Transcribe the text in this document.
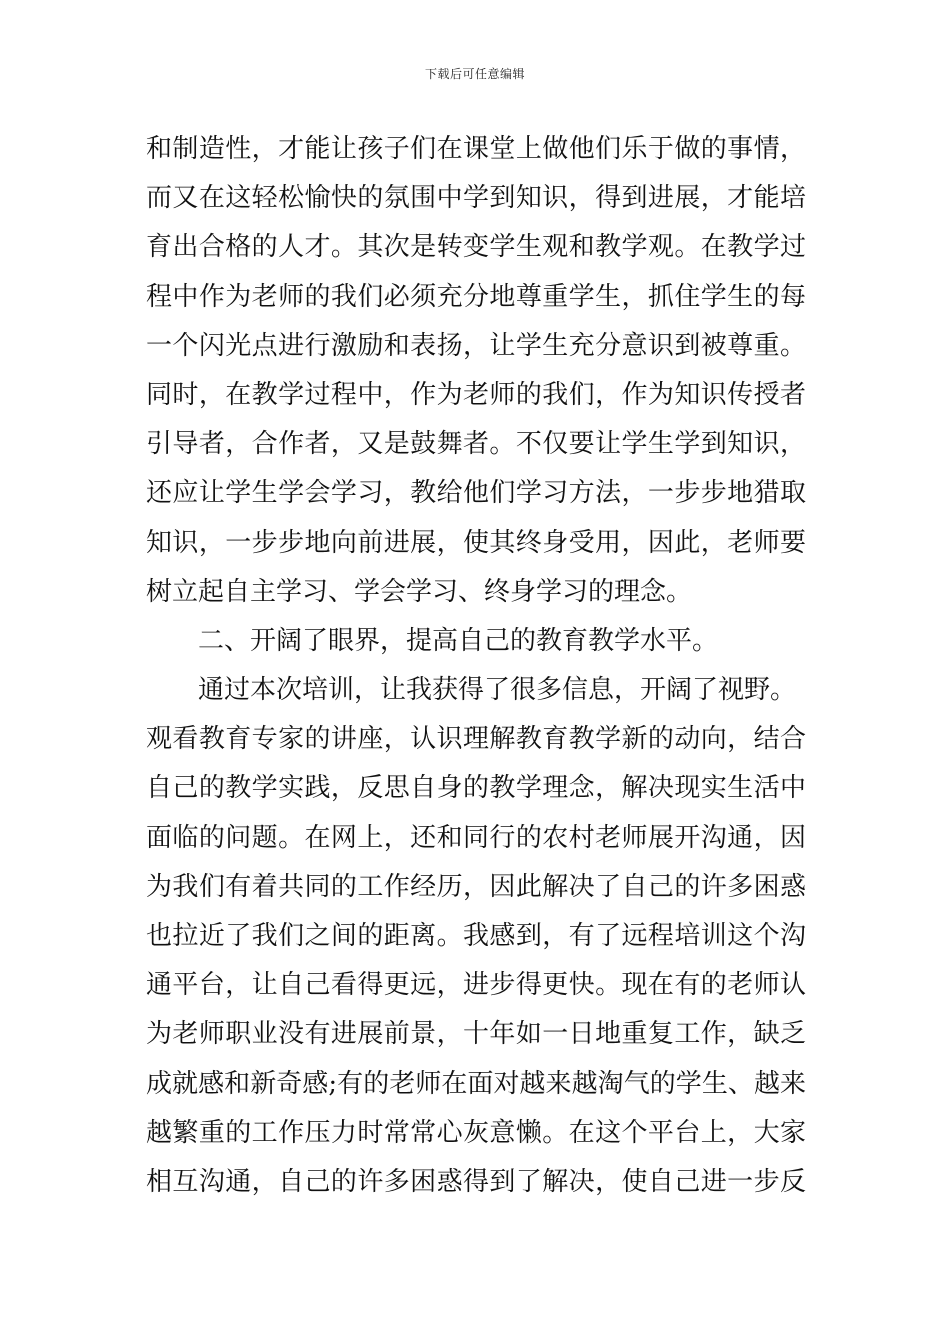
下载后可任意编辑
和制造性，才能让孩子们在课堂上做他们乐于做的事情，
而又在这轻松愉快的氛围中学到知识，得到进展，才能培
育出合格的人才。其次是转变学生观和教学观。在教学过
程中作为老师的我们必须充分地尊重学生，抓住学生的每
一个闪光点进行激励和表扬，让学生充分意识到被尊重。
同时，在教学过程中，作为老师的我们，作为知识传授者
引导者，合作者，又是鼓舞者。不仅要让学生学到知识，
还应让学生学会学习，教给他们学习方法，一步步地猎取
知识，一步步地向前进展，使其终身受用，因此，老师要
树立起自主学习、学会学习、终身学习的理念。
二、开阔了眼界，提高自己的教育教学水平。
通过本次培训，让我获得了很多信息，开阔了视野。
观看教育专家的讲座，认识理解教育教学新的动向，结合
自己的教学实践，反思自身的教学理念，解决现实生活中
面临的问题。在网上，还和同行的农村老师展开沟通，因
为我们有着共同的工作经历，因此解决了自己的许多困惑
也拉近了我们之间的距离。我感到，有了远程培训这个沟
通平台，让自己看得更远，进步得更快。现在有的老师认
为老师职业没有进展前景，十年如一日地重复工作，缺乏
成就感和新奇感;有的老师在面对越来越淘气的学生、越来
越繁重的工作压力时常常心灰意懒。在这个平台上，大家
相互沟通，自己的许多困惑得到了解决，使自己进一步反
